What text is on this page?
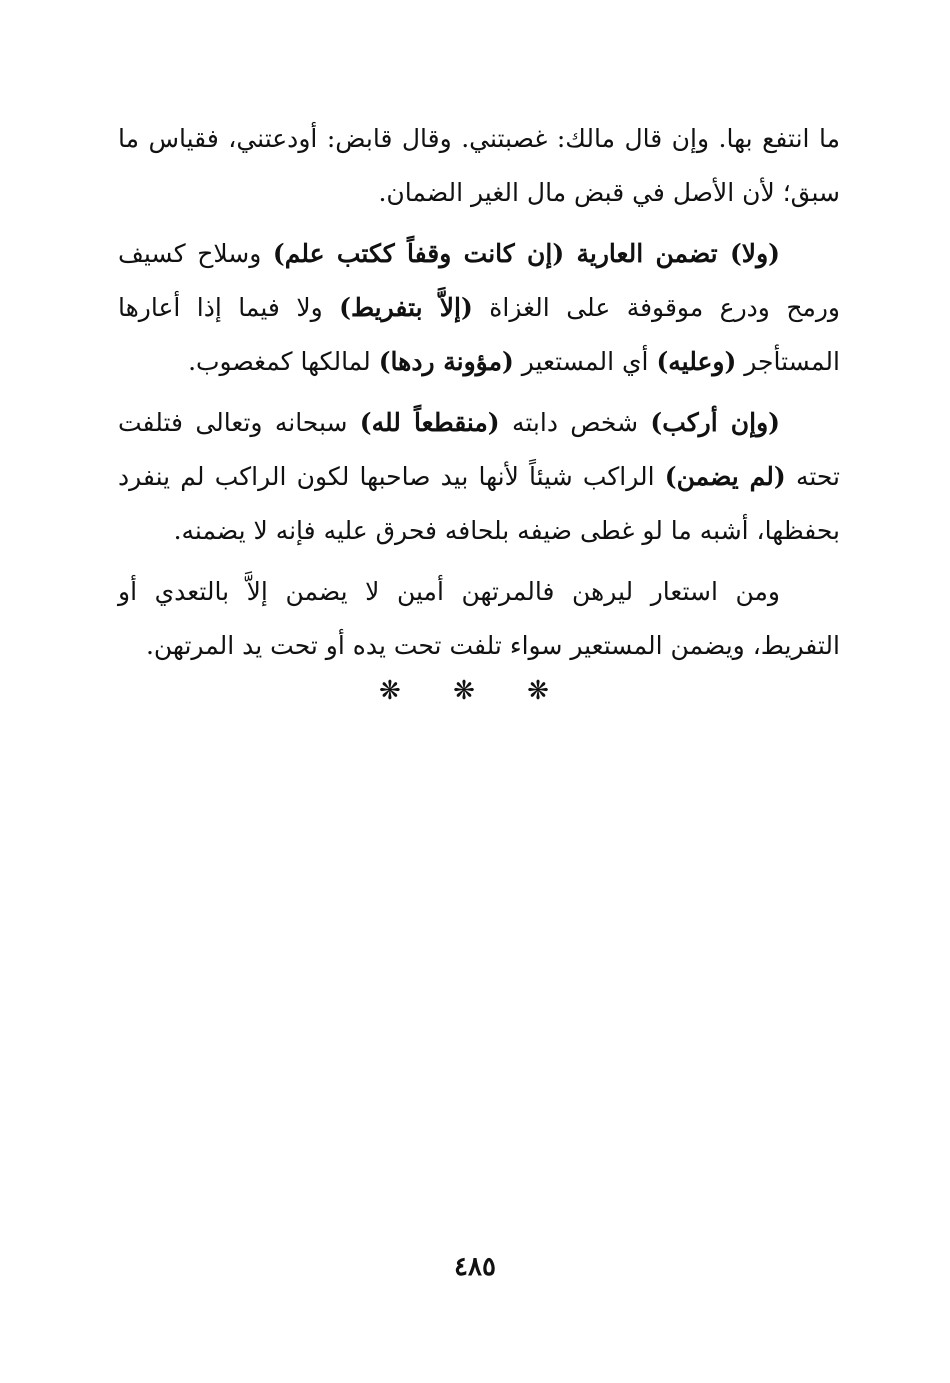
ما انتفع بها. وإن قال مالك: غصبتني. وقال قابض: أودعتني، فقياس ما سبق؛ لأن الأصل في قبض مال الغير الضمان.

(ولا) تضمن العارية (إن كانت وقفاً ككتب علم) وسلاح كسيف ورمح ودرع موقوفة على الغزاة (إلاَّ بتفريط) ولا فيما إذا أعارها المستأجر (وعليه) أي المستعير (مؤونة ردها) لمالكها كمغصوب.

(وإن أركب) شخص دابته (منقطعاً لله) سبحانه وتعالى فتلفت تحته (لم يضمن) الراكب شيئاً لأنها بيد صاحبها لكون الراكب لم ينفرد بحفظها، أشبه ما لو غطى ضيفه بلحافه فحرق عليه فإنه لا يضمنه.

ومن استعار ليرهن فالمرتهن أمين لا يضمن إلاَّ بالتعدي أو التفريط، ويضمن المستعير سواء تلفت تحت يده أو تحت يد المرتهن.

❋ ❋ ❋
٤٨٥
